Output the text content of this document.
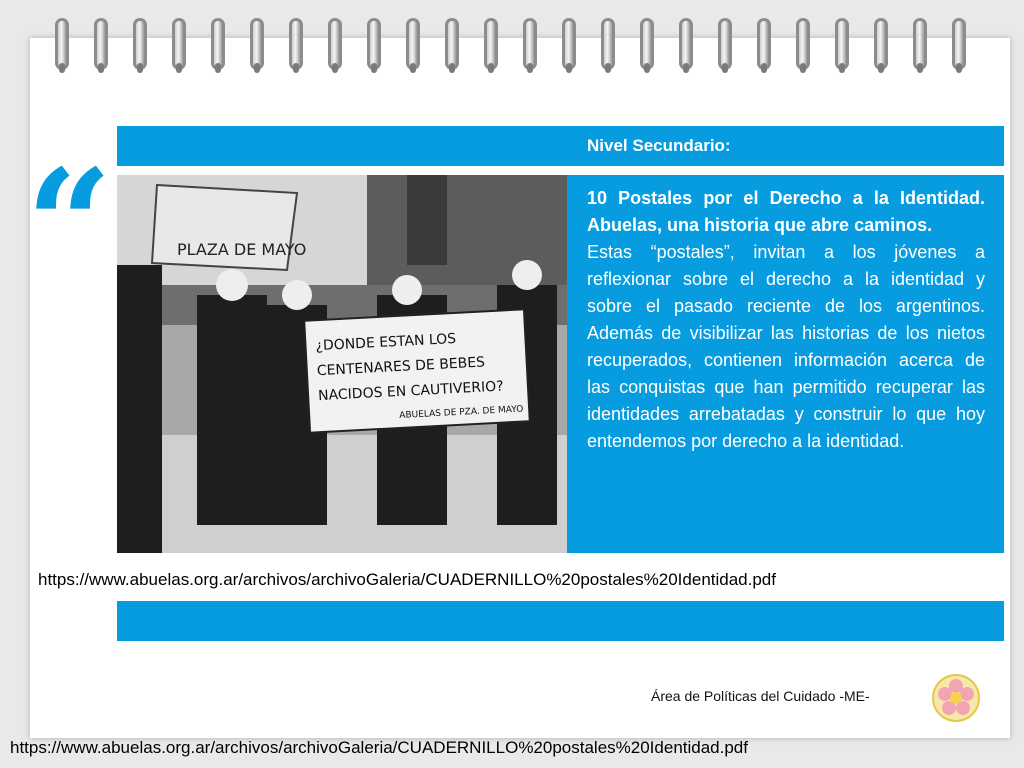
“	Nivel Secundario:
PLAZA DE MAYO
¿DONDE ESTAN LOS
CENTENARES DE BEBES
NACIDOS EN CAUTIVERIO?
ABUELAS DE PZA. DE MAYO
10 Postales por el Derecho a la Identidad. Abuelas, una historia que abre caminos.
Estas “postales”, invitan a los jóvenes a reflexionar sobre el derecho a la identidad y sobre el pasado reciente de los argentinos. Además de visibilizar las historias de los nietos recuperados, contienen información acerca de las conquistas que han permitido recuperar las identidades arrebatadas y construir lo que hoy entendemos por derecho a la identidad.
https://www.abuelas.org.ar/archivos/archivoGaleria/CUADERNILLO%20postales%20Identidad.pdf
Área de Políticas del Cuidado -ME-
https://www.abuelas.org.ar/archivos/archivoGaleria/CUADERNILLO%20postales%20Identidad.pdf
